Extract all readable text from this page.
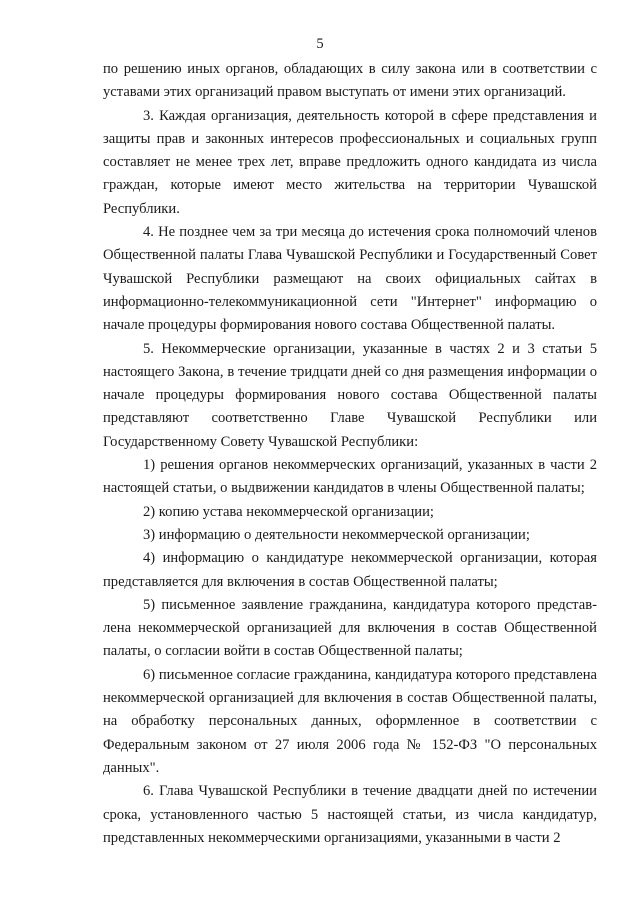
5

по решению иных органов, обладающих в силу закона или в соответствии с уставами этих организаций правом выступать от имени этих организаций.

3. Каждая организация, деятельность которой в сфере представления и защиты прав и законных интересов профессиональных и социальных групп составляет не менее трех лет, вправе предложить одного кандидата из числа граждан, которые имеют место жительства на территории Чувашской Республики.

4. Не позднее чем за три месяца до истечения срока полномочий членов Общественной палаты Глава Чувашской Республики и Государственный Совет Чувашской Республики размещают на своих официальных сайтах в информационно-телекоммуникационной сети "Интернет" информацию о начале процедуры формирования нового состава Общественной палаты.

5. Некоммерческие организации, указанные в частях 2 и 3 статьи 5 настоящего Закона, в течение тридцати дней со дня размещения информации о начале процедуры формирования нового состава Общественной палаты представляют соответственно Главе Чувашской Республики или Государственному Совету Чувашской Республики:

1) решения органов некоммерческих организаций, указанных в части 2 настоящей статьи, о выдвижении кандидатов в члены Общественной палаты;

2) копию устава некоммерческой организации;

3) информацию о деятельности некоммерческой организации;

4) информацию о кандидатуре некоммерческой организации, которая представляется для включения в состав Общественной палаты;

5) письменное заявление гражданина, кандидатура которого представлена некоммерческой организацией для включения в состав Общественной палаты, о согласии войти в состав Общественной палаты;

6) письменное согласие гражданина, кандидатура которого представлена некоммерческой организацией для включения в состав Общественной палаты, на обработку персональных данных, оформленное в соответствии с Федеральным законом от 27 июля 2006 года № 152-ФЗ "О персональных данных".

6. Глава Чувашской Республики в течение двадцати дней по истечении срока, установленного частью 5 настоящей статьи, из числа кандидатур, представленных некоммерческими организациями, указанными в части 2
